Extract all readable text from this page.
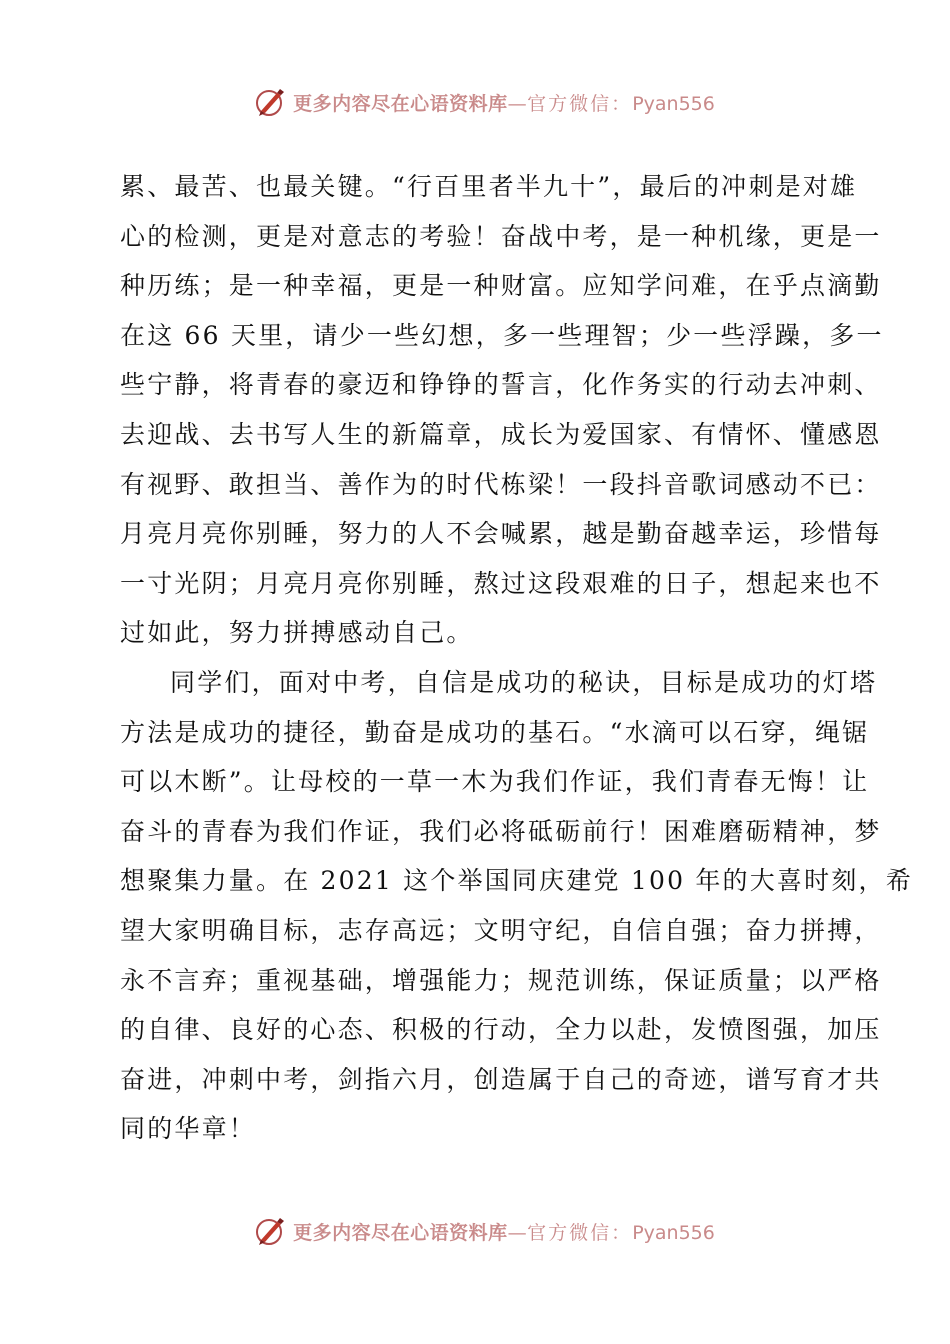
更多内容尽在心语资料库—官方微信：Pyan556
累、最苦、也最关键。“行百里者半九十”，最后的冲刺是对雄
心的检测，更是对意志的考验！奋战中考，是一种机缘，更是一
种历练；是一种幸福，更是一种财富。应知学问难，在乎点滴勤
在这 66 天里，请少一些幻想，多一些理智；少一些浮躁，多一
些宁静，将青春的豪迈和铮铮的誓言，化作务实的行动去冲刺、
去迎战、去书写人生的新篇章，成长为爱国家、有情怀、懂感恩
有视野、敢担当、善作为的时代栋梁！一段抖音歌词感动不已：
月亮月亮你别睡，努力的人不会喊累，越是勤奋越幸运，珍惜每
一寸光阴；月亮月亮你别睡，熬过这段艰难的日子，想起来也不
过如此，努力拼搏感动自己。
同学们，面对中考，自信是成功的秘诀，目标是成功的灯塔
方法是成功的捷径，勤奋是成功的基石。“水滴可以石穿，绳锯
可以木断”。让母校的一草一木为我们作证，我们青春无悔！让
奋斗的青春为我们作证，我们必将砥砺前行！困难磨砺精神，梦
想聚集力量。在 2021 这个举国同庆建党 100 年的大喜时刻，希
望大家明确目标，志存高远；文明守纪，自信自强；奋力拼搏，
永不言弃；重视基础，增强能力；规范训练，保证质量；以严格
的自律、良好的心态、积极的行动，全力以赴，发愤图强，加压
奋进，冲刺中考，剑指六月，创造属于自己的奇迹，谱写育才共
同的华章！
更多内容尽在心语资料库—官方微信：Pyan556
